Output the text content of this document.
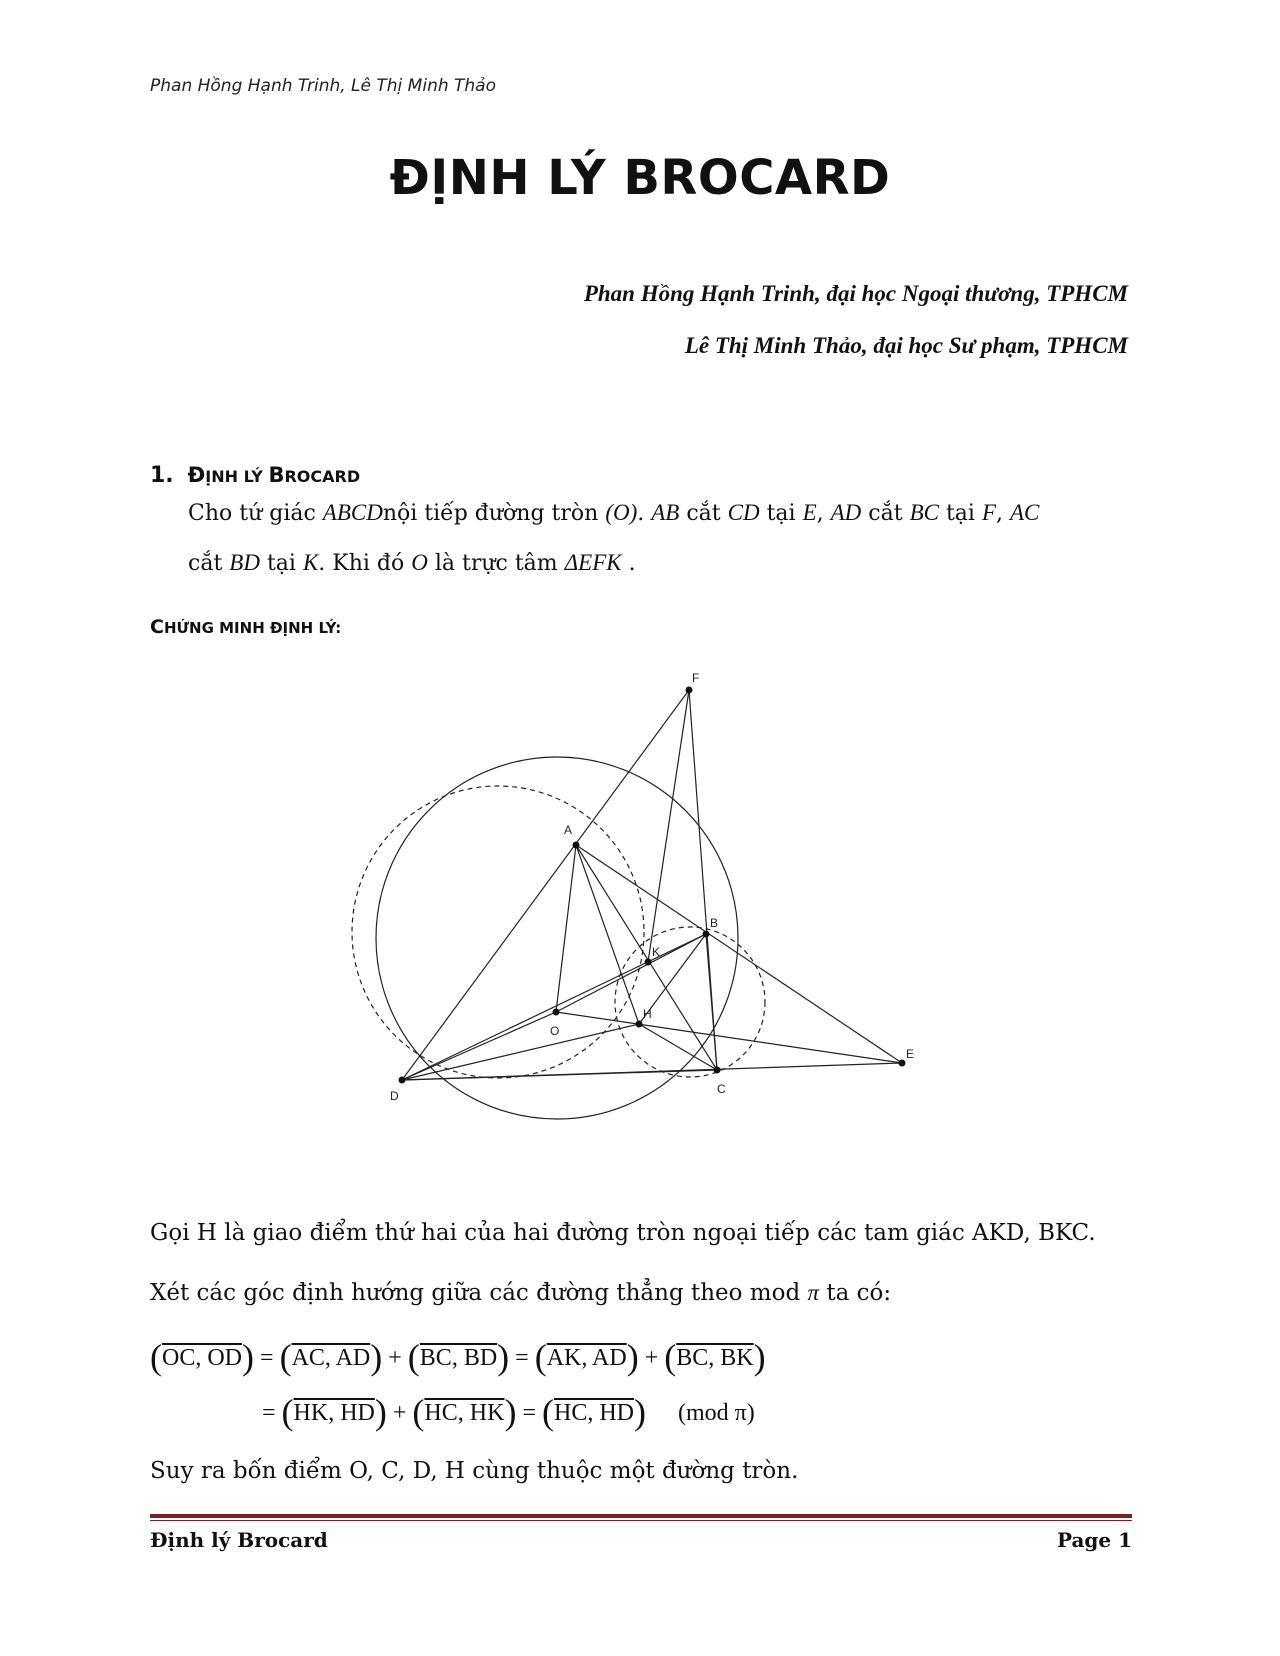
Phan Hồng Hạnh Trinh, Lê Thị Minh Thảo
ĐỊNH LÝ BROCARD
Phan Hồng Hạnh Trinh, đại học Ngoại thương, TPHCM
Lê Thị Minh Thảo, đại học Sư phạm, TPHCM
1. ĐỊNH LÝ BROCARD
Cho tứ giác ABCDnội tiếp đường tròn (O). AB cắt CD tại E, AD cắt BC tại F, AC
cắt BD tại K. Khi đó O là trực tâm ΔEFK .
CHỨNG MINH ĐỊNH LÝ:
F
A
B
K
O
H
E
D	C
Gọi H là giao điểm thứ hai của hai đường tròn ngoại tiếp các tam giác AKD, BKC.
Xét các góc định hướng giữa các đường thẳng theo mod π ta có:
(OC, OD) = (AC, AD) + (BC, BD) = (AK, AD) + (BC, BK)
= (HK, HD) + (HC, HK) = (HC, HD) (mod π)
Suy ra bốn điểm O, C, D, H cùng thuộc một đường tròn.
Định lý Brocard	Page 1
